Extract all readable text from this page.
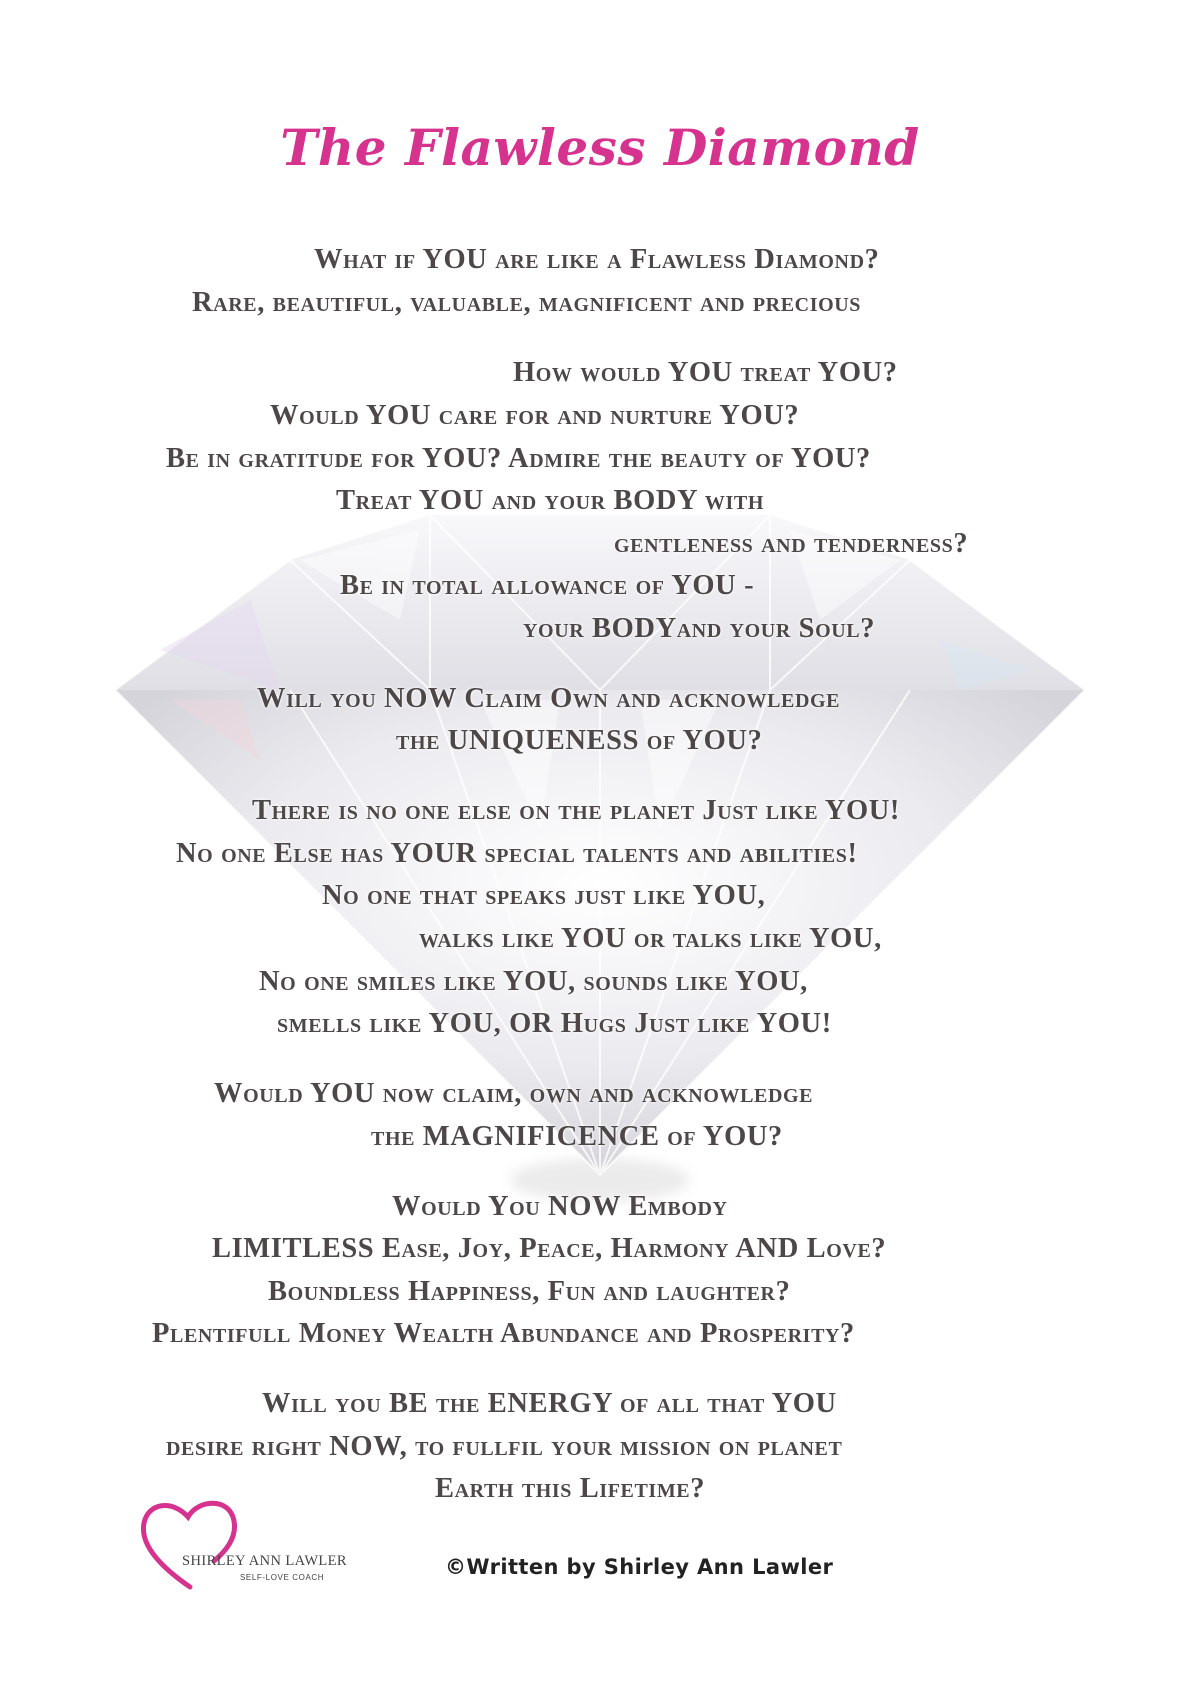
The Flawless Diamond
What if YOU are like a Flawless Diamond?
Rare, beautiful, valuable, magnificent and precious
How would YOU treat YOU?
Would YOU care for and nurture YOU?
Be in gratitude for YOU? Admire the beauty of YOU?
Treat YOU and your BODY with
gentleness and tenderness?
Be in total allowance of YOU -
your BODYand your Soul?
Will you NOW Claim Own and acknowledge
the UNIQUENESS of YOU?
There is no one else on the planet Just like YOU!
No one Else has YOUR special talents and abilities!
No one that speaks just like YOU,
walks like YOU or talks like YOU,
No one smiles like YOU, sounds like YOU,
smells like YOU, OR Hugs Just like YOU!
Would YOU now claim, own and acknowledge
the MAGNIFICENCE of YOU?
Would You NOW Embody
LIMITLESS Ease, Joy, Peace, Harmony AND Love?
Boundless Happiness, Fun and laughter?
Plentifull Money Wealth Abundance and Prosperity?
Will you BE the ENERGY of all that YOU
desire right NOW, to fullfil your mission on planet
Earth this Lifetime?
SHIRLEY ANN LAWLER
SELF-LOVE COACH	©Written by Shirley Ann Lawler
